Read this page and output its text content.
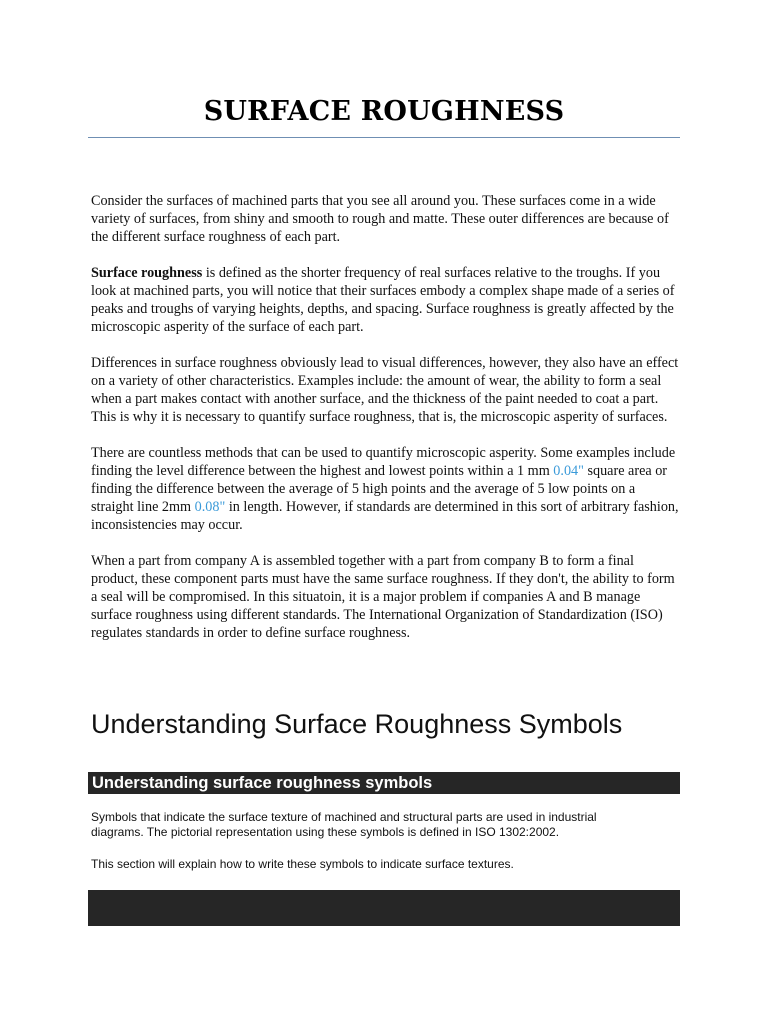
SURFACE ROUGHNESS

Consider the surfaces of machined parts that you see all around you. These surfaces come in a wide variety of surfaces, from shiny and smooth to rough and matte. These outer differences are because of the different surface roughness of each part.

Surface roughness is defined as the shorter frequency of real surfaces relative to the troughs. If you look at machined parts, you will notice that their surfaces embody a complex shape made of a series of peaks and troughs of varying heights, depths, and spacing. Surface roughness is greatly affected by the microscopic asperity of the surface of each part.

Differences in surface roughness obviously lead to visual differences, however, they also have an effect on a variety of other characteristics. Examples include: the amount of wear, the ability to form a seal when a part makes contact with another surface, and the thickness of the paint needed to coat a part. This is why it is necessary to quantify surface roughness, that is, the microscopic asperity of surfaces.

There are countless methods that can be used to quantify microscopic asperity. Some examples include finding the level difference between the highest and lowest points within a 1 mm 0.04" square area or finding the difference between the average of 5 high points and the average of 5 low points on a straight line 2mm 0.08" in length. However, if standards are determined in this sort of arbitrary fashion, inconsistencies may occur.

When a part from company A is assembled together with a part from company B to form a final product, these component parts must have the same surface roughness. If they don't, the ability to form a seal will be compromised. In this situatoin, it is a major problem if companies A and B manage surface roughness using different standards. The International Organization of Standardization (ISO) regulates standards in order to define surface roughness.

Understanding Surface Roughness Symbols
Understanding surface roughness symbols

Symbols that indicate the surface texture of machined and structural parts are used in industrial diagrams. The pictorial representation using these symbols is defined in ISO 1302:2002.

This section will explain how to write these symbols to indicate surface textures.
